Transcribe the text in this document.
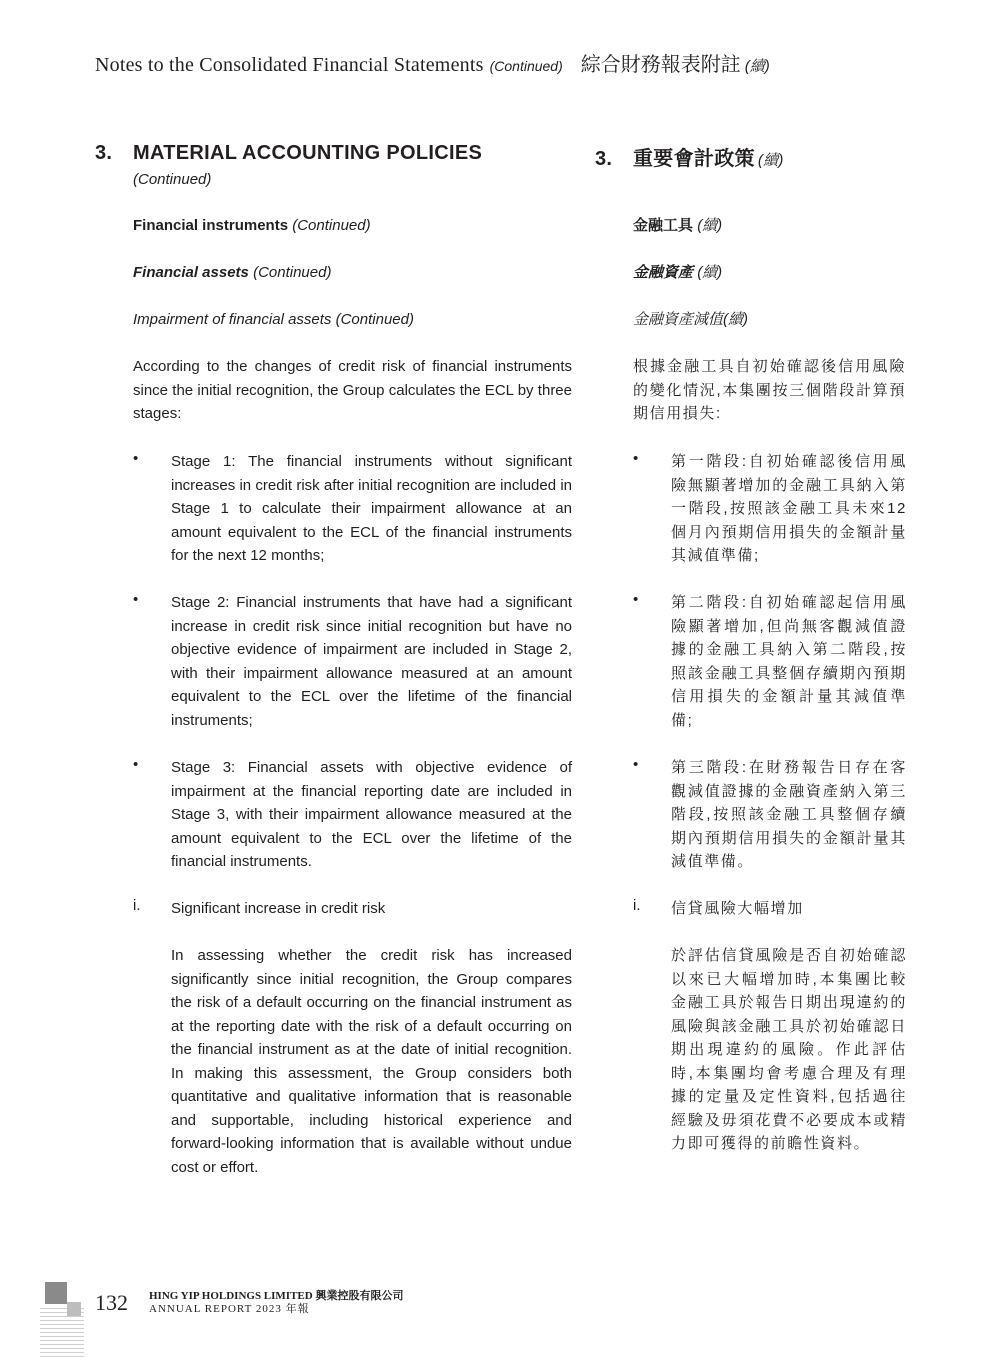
Notes to the Consolidated Financial Statements (Continued) 綜合財務報表附註 (續)
3. MATERIAL ACCOUNTING POLICIES
(Continued)
3. 重要會計政策 (續)
Financial instruments (Continued)
Financial assets (Continued)
Impairment of financial assets (Continued)
金融工具 (續)
金融資產 (續)
金融資產減值(續)
According to the changes of credit risk of financial instruments since the initial recognition, the Group calculates the ECL by three stages:
根據金融工具自初始確認後信用風險的變化情況,本集團按三個階段計算預期信用損失:
• Stage 1: The financial instruments without significant increases in credit risk after initial recognition are included in Stage 1 to calculate their impairment allowance at an amount equivalent to the ECL of the financial instruments for the next 12 months;
• 第一階段:自初始確認後信用風險無顯著增加的金融工具納入第一階段,按照該金融工具未來12個月內預期信用損失的金額計量其減值準備;
• Stage 2: Financial instruments that have had a significant increase in credit risk since initial recognition but have no objective evidence of impairment are included in Stage 2, with their impairment allowance measured at an amount equivalent to the ECL over the lifetime of the financial instruments;
• 第二階段:自初始確認起信用風險顯著增加,但尚無客觀減值證據的金融工具納入第二階段,按照該金融工具整個存續期內預期信用損失的金額計量其減值準備;
• Stage 3: Financial assets with objective evidence of impairment at the financial reporting date are included in Stage 3, with their impairment allowance measured at the amount equivalent to the ECL over the lifetime of the financial instruments.
• 第三階段:在財務報告日存在客觀減值證據的金融資產納入第三階段,按照該金融工具整個存續期內預期信用損失的金額計量其減值準備。
i. Significant increase in credit risk	i. 信貸風險大幅增加
In assessing whether the credit risk has increased significantly since initial recognition, the Group compares the risk of a default occurring on the financial instrument as at the reporting date with the risk of a default occurring on the financial instrument as at the date of initial recognition. In making this assessment, the Group considers both quantitative and qualitative information that is reasonable and supportable, including historical experience and forward-looking information that is available without undue cost or effort.
於評估信貸風險是否自初始確認以來已大幅增加時,本集團比較金融工具於報告日期出現違約的風險與該金融工具於初始確認日期出現違約的風險。作此評估時,本集團均會考慮合理及有理據的定量及定性資料,包括過往經驗及毋須花費不必要成本或精力即可獲得的前瞻性資料。
132 HING YIP HOLDINGS LIMITED 興業控股有限公司
ANNUAL REPORT 2023 年報
